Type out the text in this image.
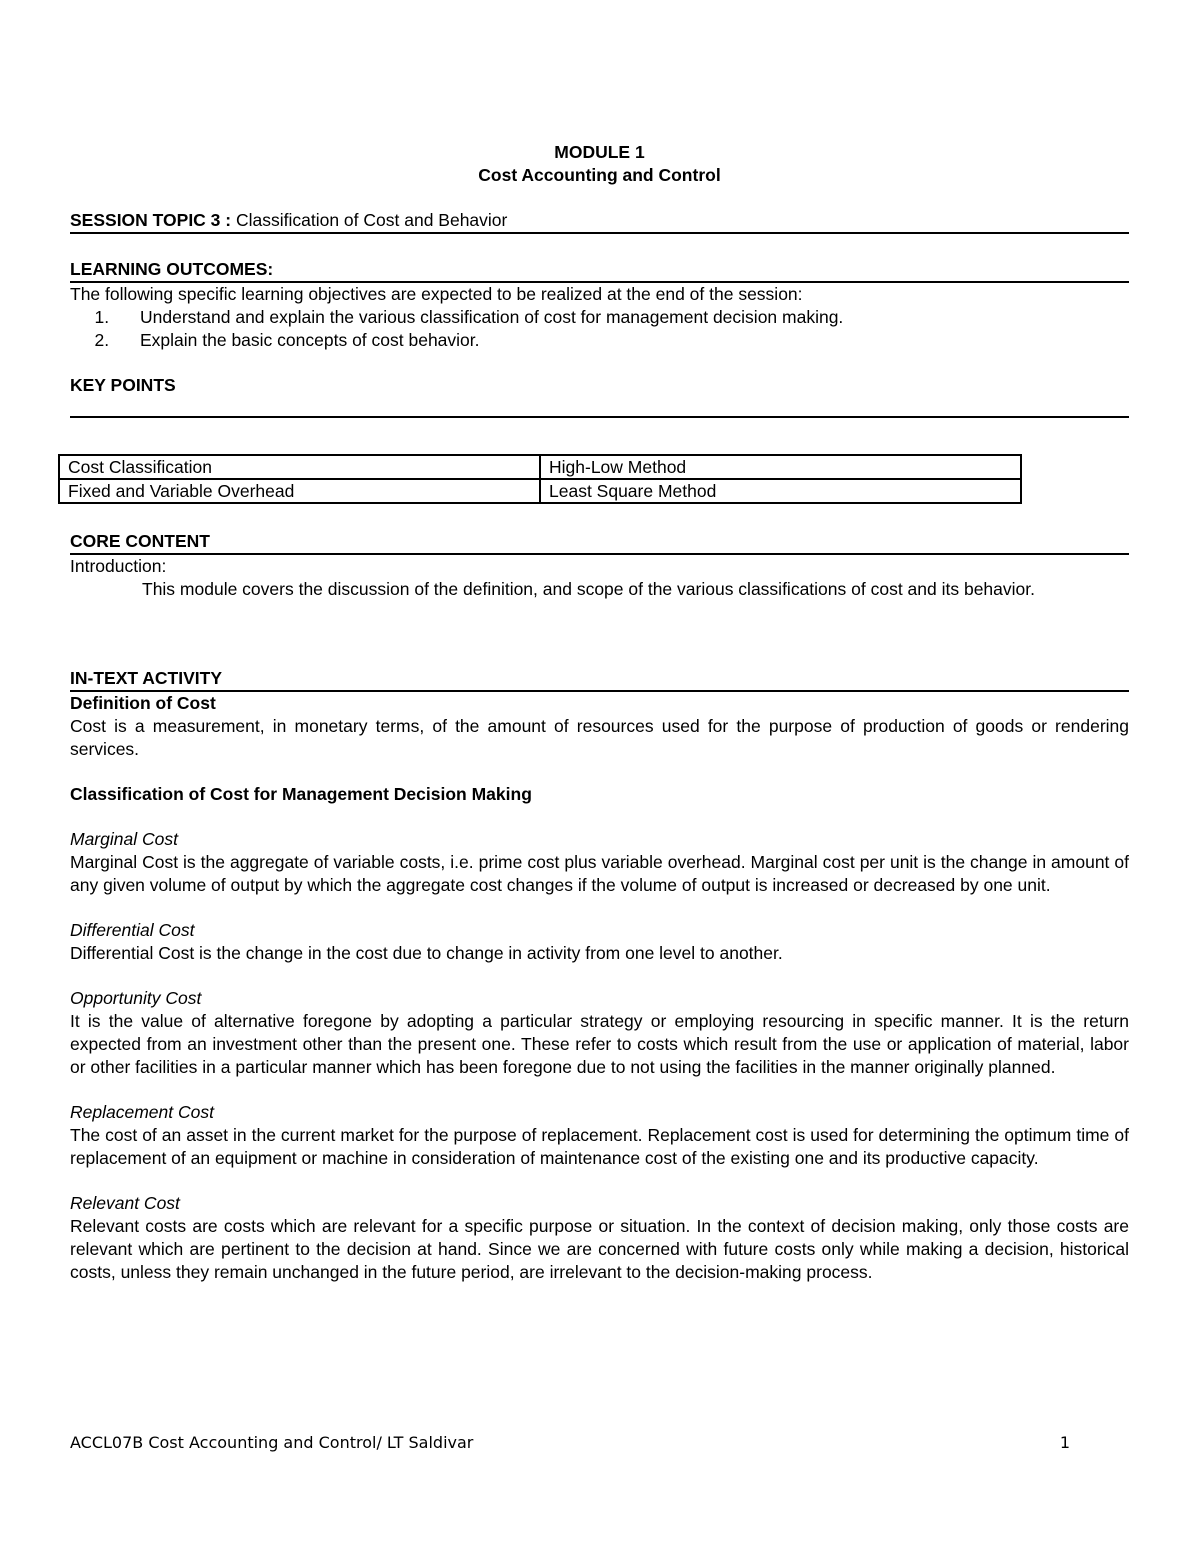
MODULE 1
Cost Accounting and Control
SESSION TOPIC 3 : Classification of Cost and Behavior
LEARNING OUTCOMES:
The following specific learning objectives are expected to be realized at the end of the session:
1. Understand and explain the various classification of cost for management decision making.
2. Explain the basic concepts of cost behavior.
KEY POINTS
Cost Classification	High-Low Method
Fixed and Variable Overhead	Least Square Method
CORE CONTENT
Introduction:
This module covers the discussion of the definition, and scope of the various classifications of cost and its behavior.
IN-TEXT ACTIVITY
Definition of Cost
Cost is a measurement, in monetary terms, of the amount of resources used for the purpose of production of goods or rendering services.
Classification of Cost for Management Decision Making
Marginal Cost
Marginal Cost is the aggregate of variable costs, i.e. prime cost plus variable overhead. Marginal cost per unit is the change in amount of any given volume of output by which the aggregate cost changes if the volume of output is increased or decreased by one unit.
Differential Cost
Differential Cost is the change in the cost due to change in activity from one level to another.
Opportunity Cost
It is the value of alternative foregone by adopting a particular strategy or employing resourcing in specific manner. It is the return expected from an investment other than the present one. These refer to costs which result from the use or application of material, labor or other facilities in a particular manner which has been foregone due to not using the facilities in the manner originally planned.
Replacement Cost
The cost of an asset in the current market for the purpose of replacement. Replacement cost is used for determining the optimum time of replacement of an equipment or machine in consideration of maintenance cost of the existing one and its productive capacity.
Relevant Cost
Relevant costs are costs which are relevant for a specific purpose or situation. In the context of decision making, only those costs are relevant which are pertinent to the decision at hand. Since we are concerned with future costs only while making a decision, historical costs, unless they remain unchanged in the future period, are irrelevant to the decision-making process.
ACCL07B Cost Accounting and Control/ LT Saldivar	1
